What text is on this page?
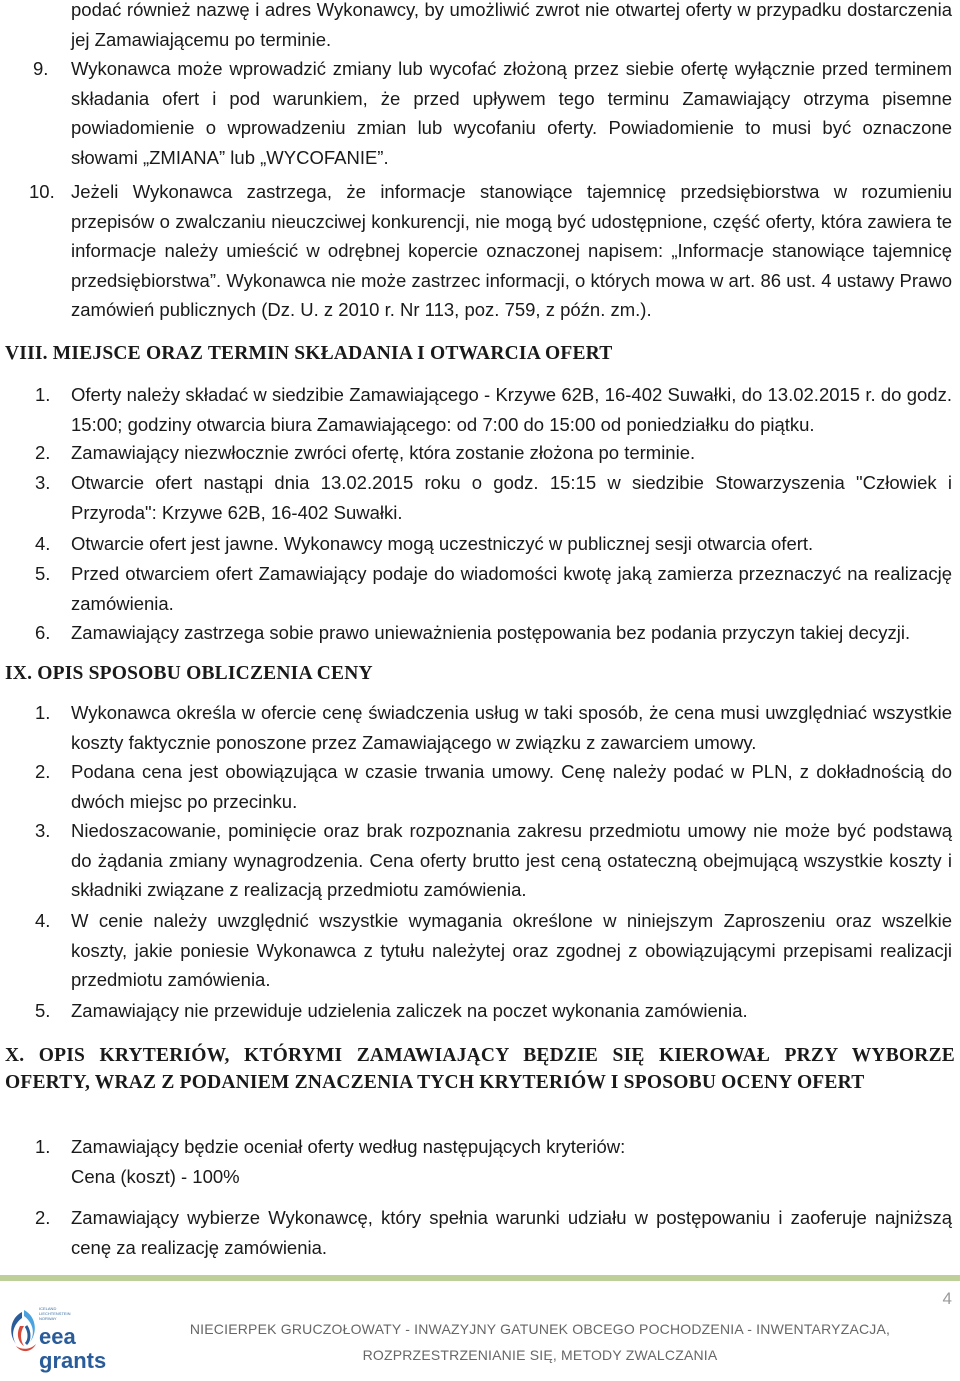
podać również nazwę i adres Wykonawcy, by umożliwić zwrot nie otwartej oferty w przypadku dostarczenia jej Zamawiającemu po terminie.
9. Wykonawca może wprowadzić zmiany lub wycofać złożoną przez siebie ofertę wyłącznie przed terminem składania ofert i pod warunkiem, że przed upływem tego terminu Zamawiający otrzyma pisemne powiadomienie o wprowadzeniu zmian lub wycofaniu oferty. Powiadomienie to musi być oznaczone słowami „ZMIANA” lub „WYCOFANIE”.
10. Jeżeli Wykonawca zastrzega, że informacje stanowiące tajemnicę przedsiębiorstwa w rozumieniu przepisów o zwalczaniu nieuczciwej konkurencji, nie mogą być udostępnione, część oferty, która zawiera te informacje należy umieścić w odrębnej kopercie oznaczonej napisem: „Informacje stanowiące tajemnicę przedsiębiorstwa”. Wykonawca nie może zastrzec informacji, o których mowa w art. 86 ust. 4 ustawy Prawo zamówień publicznych (Dz. U. z 2010 r. Nr 113, poz. 759, z późn. zm.).
VIII. MIEJSCE ORAZ TERMIN SKŁADANIA I OTWARCIA OFERT
1. Oferty należy składać w siedzibie Zamawiającego - Krzywe 62B, 16-402 Suwałki, do 13.02.2015 r. do godz. 15:00; godziny otwarcia biura Zamawiającego: od 7:00 do 15:00 od poniedziałku do piątku.
2. Zamawiający niezwłocznie zwróci ofertę, która zostanie złożona po terminie.
3. Otwarcie ofert nastąpi dnia 13.02.2015 roku o godz. 15:15 w siedzibie Stowarzyszenia "Człowiek i Przyroda": Krzywe 62B, 16-402 Suwałki.
4. Otwarcie ofert jest jawne. Wykonawcy mogą uczestniczyć w publicznej sesji otwarcia ofert.
5. Przed otwarciem ofert Zamawiający podaje do wiadomości kwotę jaką zamierza przeznaczyć na realizację zamówienia.
6. Zamawiający zastrzega sobie prawo unieważnienia postępowania bez podania przyczyn takiej decyzji.
IX. OPIS SPOSOBU OBLICZENIA CENY
1. Wykonawca określa w ofercie cenę świadczenia usług w taki sposób, że cena musi uwzględniać wszystkie koszty faktycznie ponoszone przez Zamawiającego w związku z zawarciem umowy.
2. Podana cena jest obowiązująca w czasie trwania umowy. Cenę należy podać w PLN, z dokładnością do dwóch miejsc po przecinku.
3. Niedoszacowanie, pominięcie oraz brak rozpoznania zakresu przedmiotu umowy nie może być podstawą do żądania zmiany wynagrodzenia. Cena oferty brutto jest ceną ostateczną obejmującą wszystkie koszty i składniki związane z realizacją przedmiotu zamówienia.
4. W cenie należy uwzględnić wszystkie wymagania określone w niniejszym Zaproszeniu oraz wszelkie koszty, jakie poniesie Wykonawca z tytułu należytej oraz zgodnej z obowiązującymi przepisami realizacji przedmiotu zamówienia.
5. Zamawiający nie przewiduje udzielenia zaliczek na poczet wykonania zamówienia.
X. OPIS KRYTERIÓW, KTÓRYMI ZAMAWIAJĄCY BĘDZIE SIĘ KIEROWAŁ PRZY WYBORZE OFERTY, WRAZ Z PODANIEM ZNACZENIA TYCH KRYTERIÓW I SPOSOBU OCENY OFERT
1. Zamawiający będzie oceniał oferty według następujących kryteriów:
Cena (koszt) - 100%
2. Zamawiający wybierze Wykonawcę, który spełnia warunki udziału w postępowaniu i zaoferuje najniższą cenę za realizację zamówienia.
4
ICELAND
LIECHTENSTEIN
NORWAY
eea
grants
NIECIERPEK GRUCZOŁOWATY - INWAZYJNY GATUNEK OBCEGO POCHODZENIA - INWENTARYZACJA,
ROZPRZESTRZENIANIE SIĘ, METODY ZWALCZANIA
